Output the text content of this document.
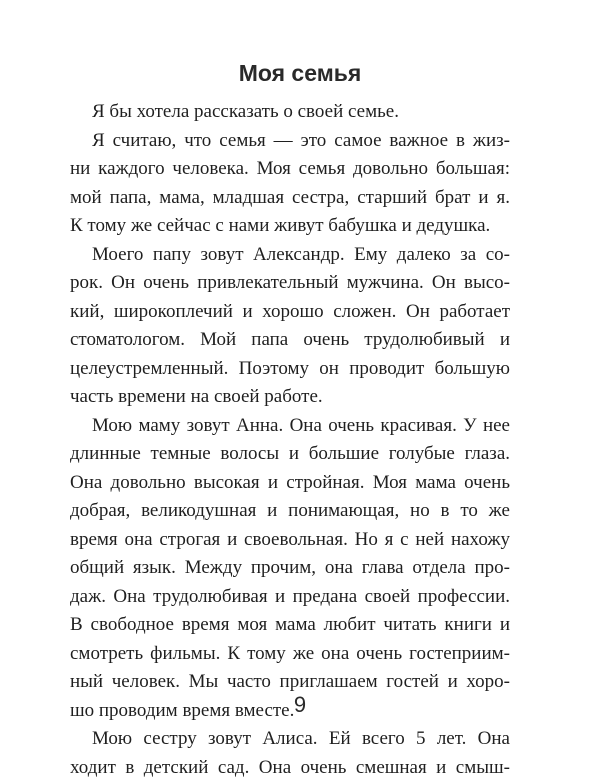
Моя семья
Я бы хотела рассказать о своей семье.
Я считаю, что семья — это самое важное в жиз-
ни каждого человека. Моя семья довольно большая:
мой папа, мама, младшая сестра, старший брат и я.
К тому же сейчас с нами живут бабушка и дедушка.
Моего папу зовут Александр. Ему далеко за со-
рок. Он очень привлекательный мужчина. Он высо-
кий, широкоплечий и хорошо сложен. Он работает
стоматологом. Мой папа очень трудолюбивый и
целеустремленный. Поэтому он проводит большую
часть времени на своей работе.
Мою маму зовут Анна. Она очень красивая. У нее
длинные темные волосы и большие голубые глаза.
Она довольно высокая и стройная. Моя мама очень
добрая, великодушная и понимающая, но в то же
время она строгая и своевольная. Но я с ней нахожу
общий язык. Между прочим, она глава отдела про-
даж. Она трудолюбивая и предана своей профессии.
В свободное время моя мама любит читать книги и
смотреть фильмы. К тому же она очень гостеприим-
ный человек. Мы часто приглашаем гостей и хоро-
шо проводим время вместе.
Мою сестру зовут Алиса. Ей всего 5 лет. Она
ходит в детский сад. Она очень смешная и смыш-
9
